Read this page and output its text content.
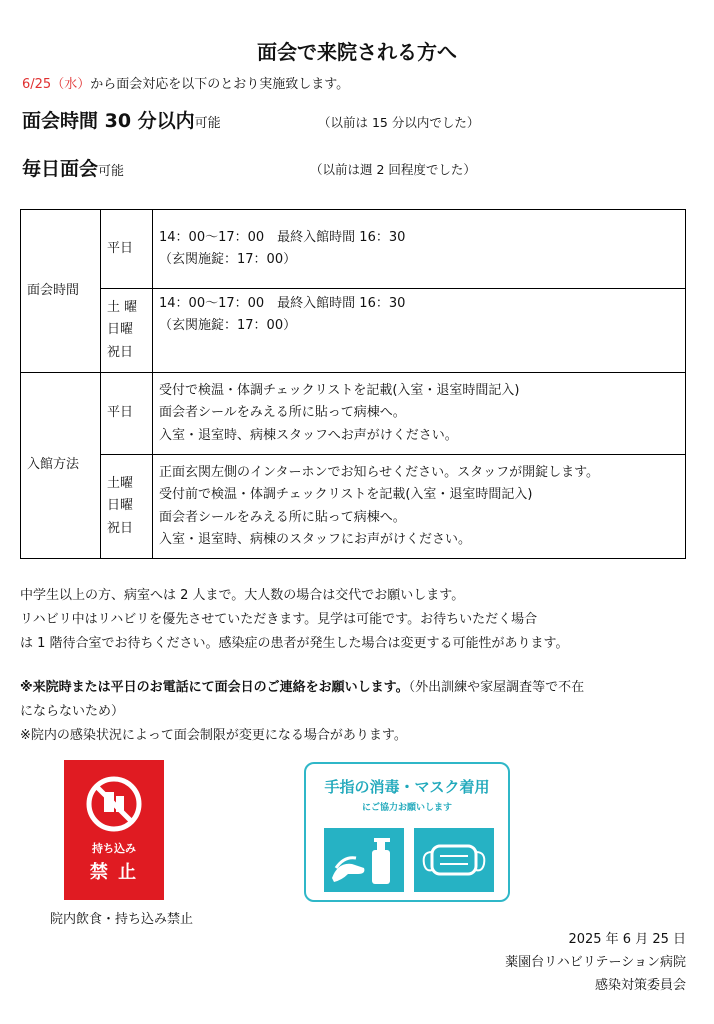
面会で来院される方へ
6/25（水）から面会対応を以下のとおり実施致します。
面会時間 30 分以内可能	（以前は 15 分以内でした）
毎日面会可能	（以前は週 2 回程度でした）
面会時間	平日	14：00～17：00　最終入館時間 16：30
（玄関施錠：17：00）

	土 曜
日曜
祝日	14：00～17：00　最終入館時間 16：30
（玄関施錠：17：00）

入館方法	平日	受付で検温・体調チェックリストを記載(入室・退室時間記入)
面会者シールをみえる所に貼って病棟へ。
入室・退室時、病棟スタッフへお声がけください。

	土曜
日曜
祝日	正面玄関左側のインターホンでお知らせください。スタッフが開錠します。
受付前で検温・体調チェックリストを記載(入室・退室時間記入)
面会者シールをみえる所に貼って病棟へ。
入室・退室時、病棟のスタッフにお声がけください。
中学生以上の方、病室へは 2 人まで。大人数の場合は交代でお願いします。
リハビリ中はリハビリを優先させていただきます。見学は可能です。お待ちいただく場合
は 1 階待合室でお待ちください。感染症の患者が発生した場合は変更する可能性があります。
※来院時または平日のお電話にて面会日のご連絡をお願いします。（外出訓練や家屋調査等で不在
にならないため）
※院内の感染状況によって面会制限が変更になる場合があります。
持ち込み
禁 止
院内飲食・持ち込み禁止
手指の消毒・マスク着用
にご協力お願いします
2025 年 6 月 25 日
薬園台リハビリテーション病院
感染対策委員会
